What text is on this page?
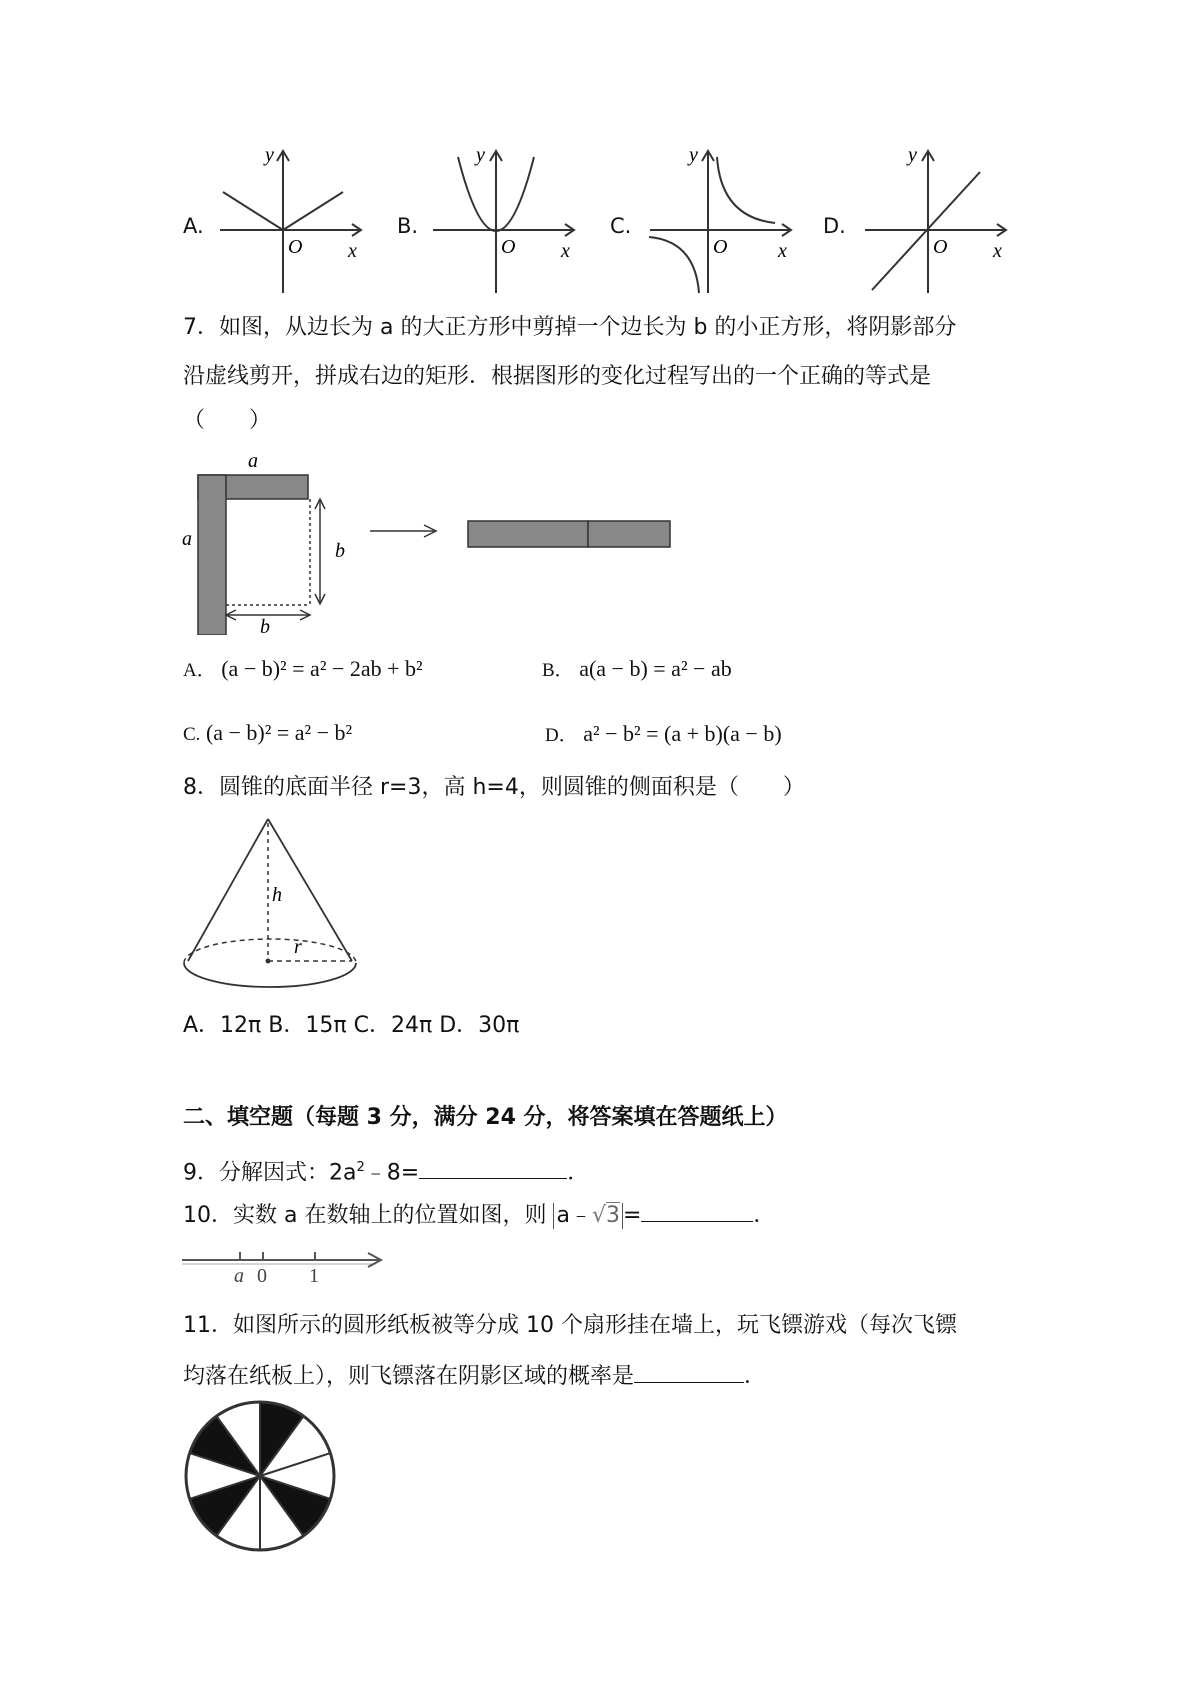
A.
y
x
O
B.
y
x
O
C.
y
x
O
D.
y
x
O
7．如图，从边长为 a 的大正方形中剪掉一个边长为 b 的小正方形，将阴影部分
沿虚线剪开，拼成右边的矩形．根据图形的变化过程写出的一个正确的等式是
（　　）
a
a
b
b
A． (a − b)² = a² − 2ab + b²	B． a(a − b) = a² − ab
C. (a − b)² = a² − b²	D． a² − b² = (a + b)(a − b)
8．圆锥的底面半径 r=3，高 h=4，则圆锥的侧面积是（　　）
h
r
A．12π B．15π C．24π D．30π
二、填空题（每题 3 分，满分 24 分，将答案填在答题纸上）
9．分解因式：$2a^2﹣8=$	．
10．实数 a 在数轴上的位置如图，则 a﹣√3 =	．
a 0 1
11．如图所示的圆形纸板被等分成 10 个扇形挂在墙上，玩飞镖游戏（每次飞镖
均落在纸板上），则飞镖落在阴影区域的概率是	．
